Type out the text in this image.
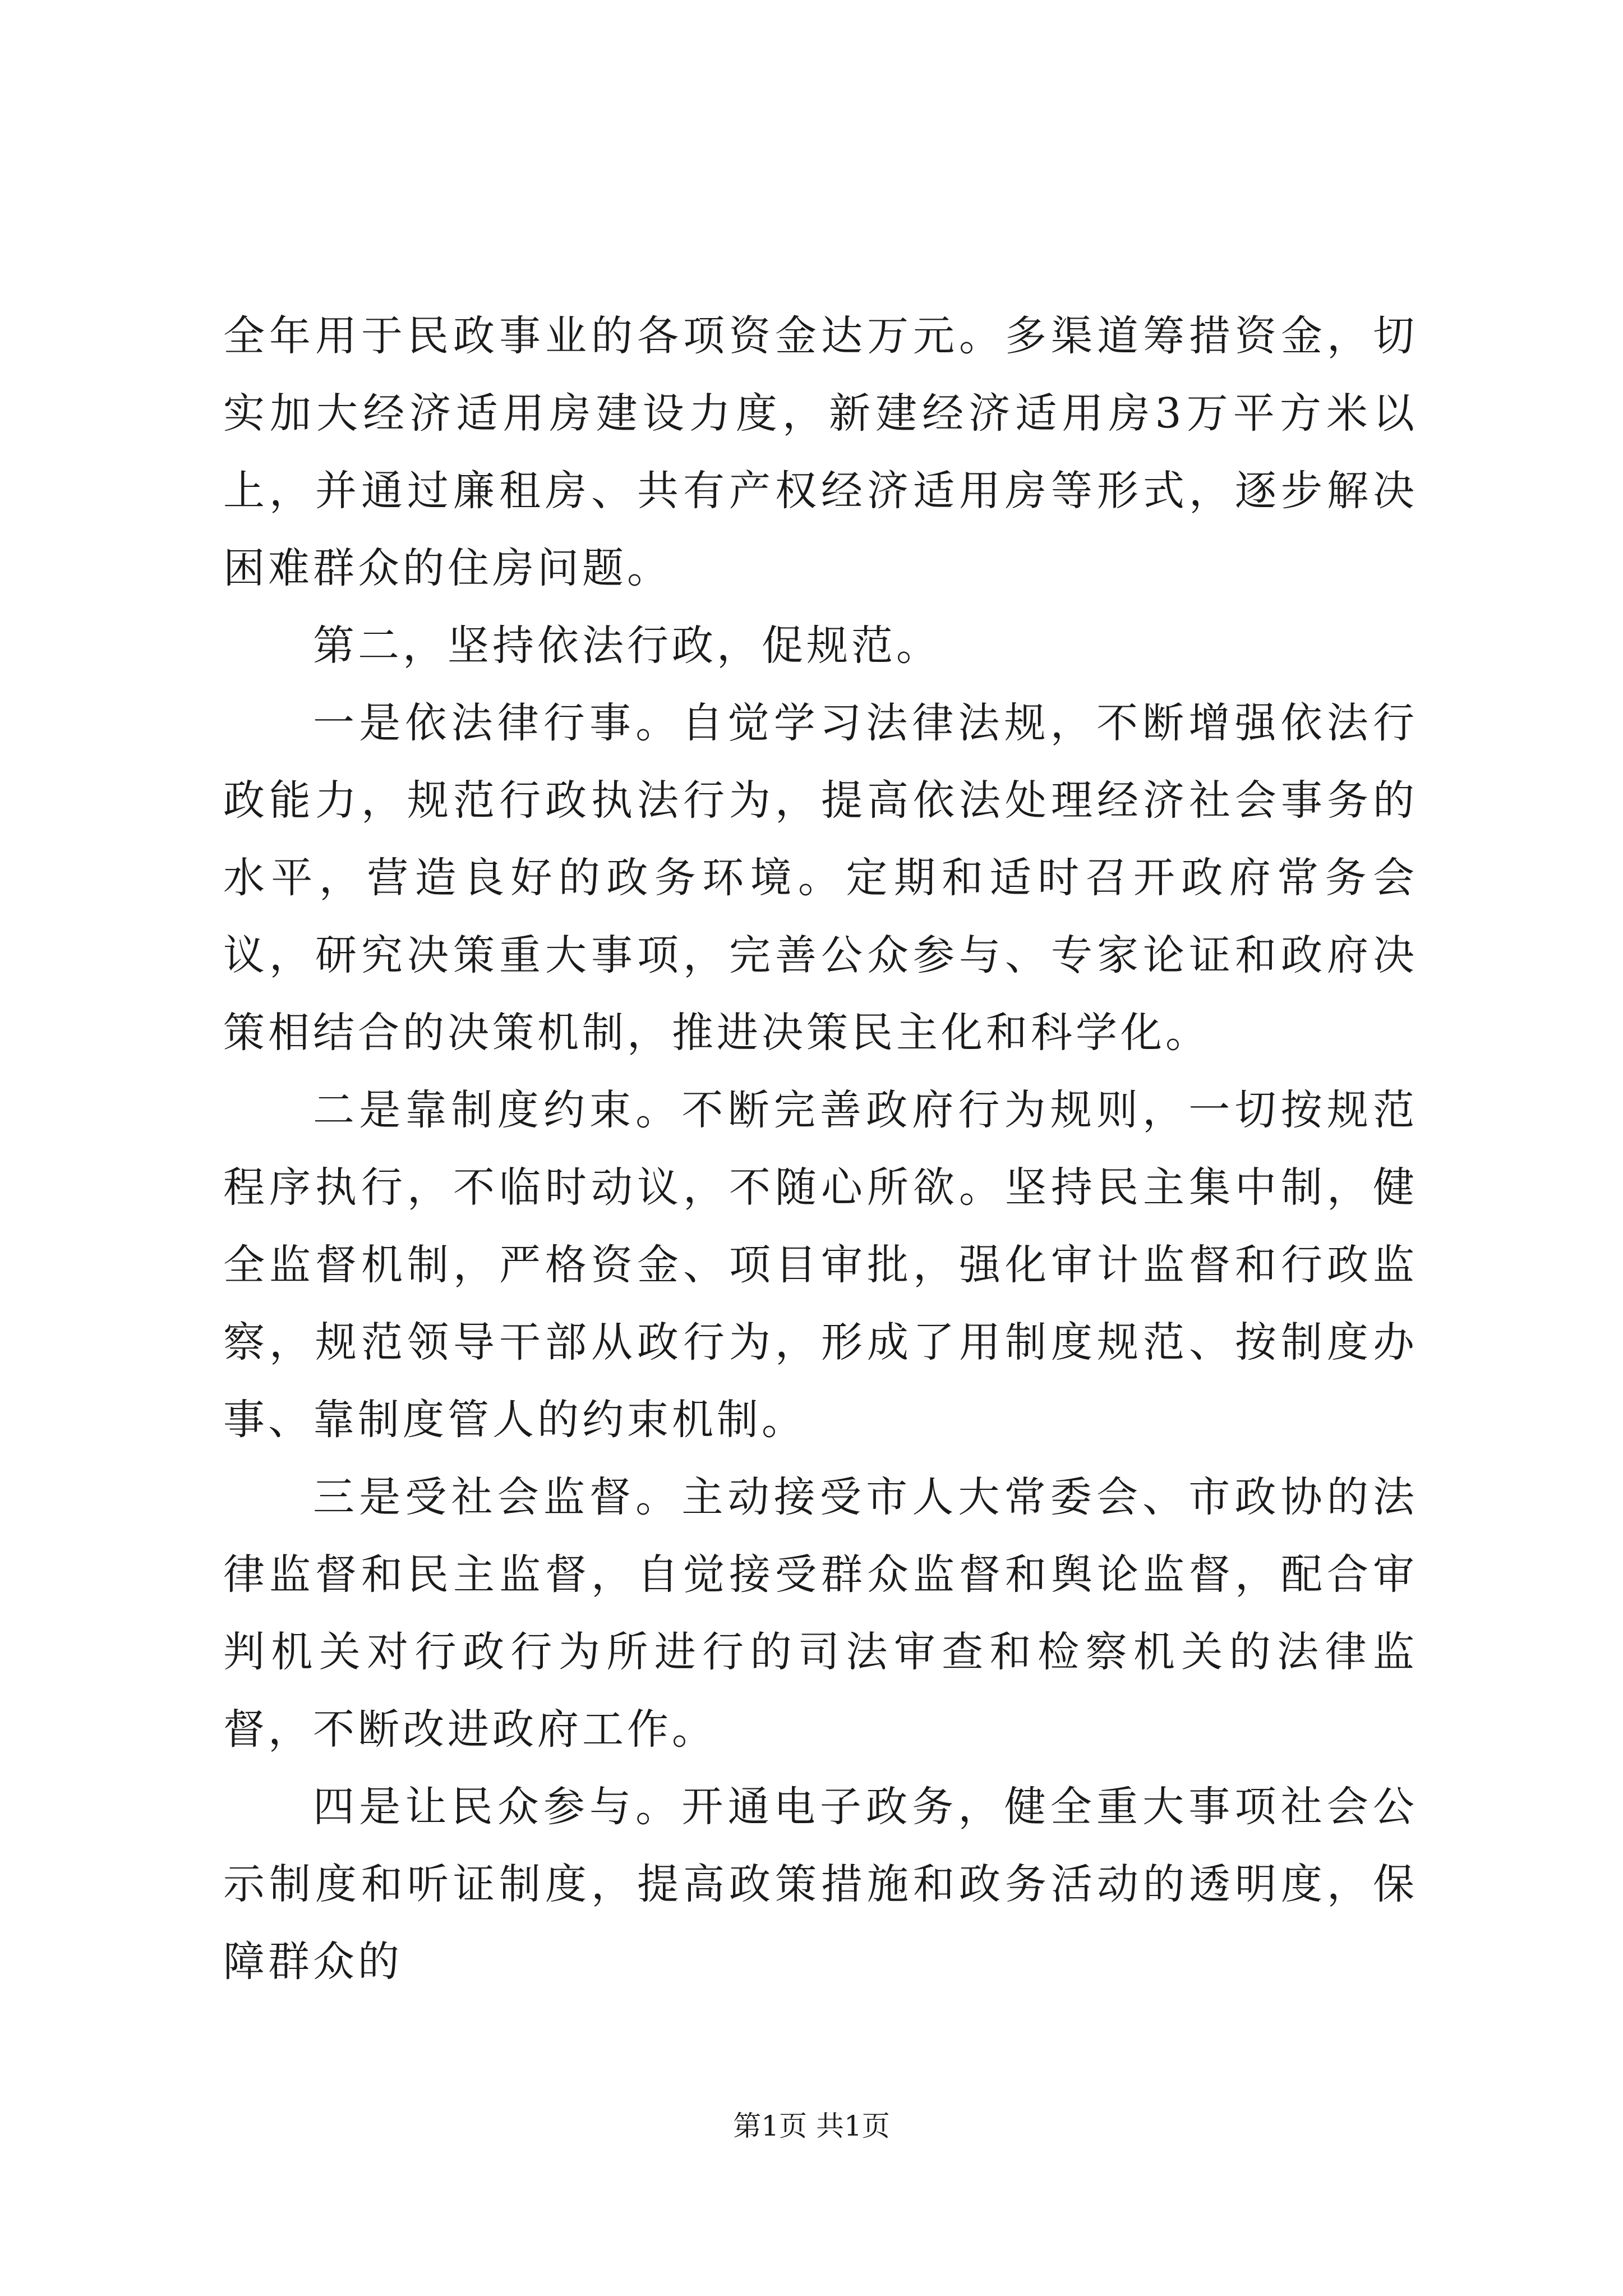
全年用于民政事业的各项资金达万元。多渠道筹措资金，切实加大经济适用房建设力度，新建经济适用房3万平方米以上，并通过廉租房、共有产权经济适用房等形式，逐步解决困难群众的住房问题。

第二，坚持依法行政，促规范。

一是依法律行事。自觉学习法律法规，不断增强依法行政能力，规范行政执法行为，提高依法处理经济社会事务的水平，营造良好的政务环境。定期和适时召开政府常务会议，研究决策重大事项，完善公众参与、专家论证和政府决策相结合的决策机制，推进决策民主化和科学化。

二是靠制度约束。不断完善政府行为规则，一切按规范程序执行，不临时动议，不随心所欲。坚持民主集中制，健全监督机制，严格资金、项目审批，强化审计监督和行政监察，规范领导干部从政行为，形成了用制度规范、按制度办事、靠制度管人的约束机制。

三是受社会监督。主动接受市人大常委会、市政协的法律监督和民主监督，自觉接受群众监督和舆论监督，配合审判机关对行政行为所进行的司法审查和检察机关的法律监督，不断改进政府工作。

四是让民众参与。开通电子政务，健全重大事项社会公示制度和听证制度，提高政策措施和政务活动的透明度，保障群众的

第1页 共1页
